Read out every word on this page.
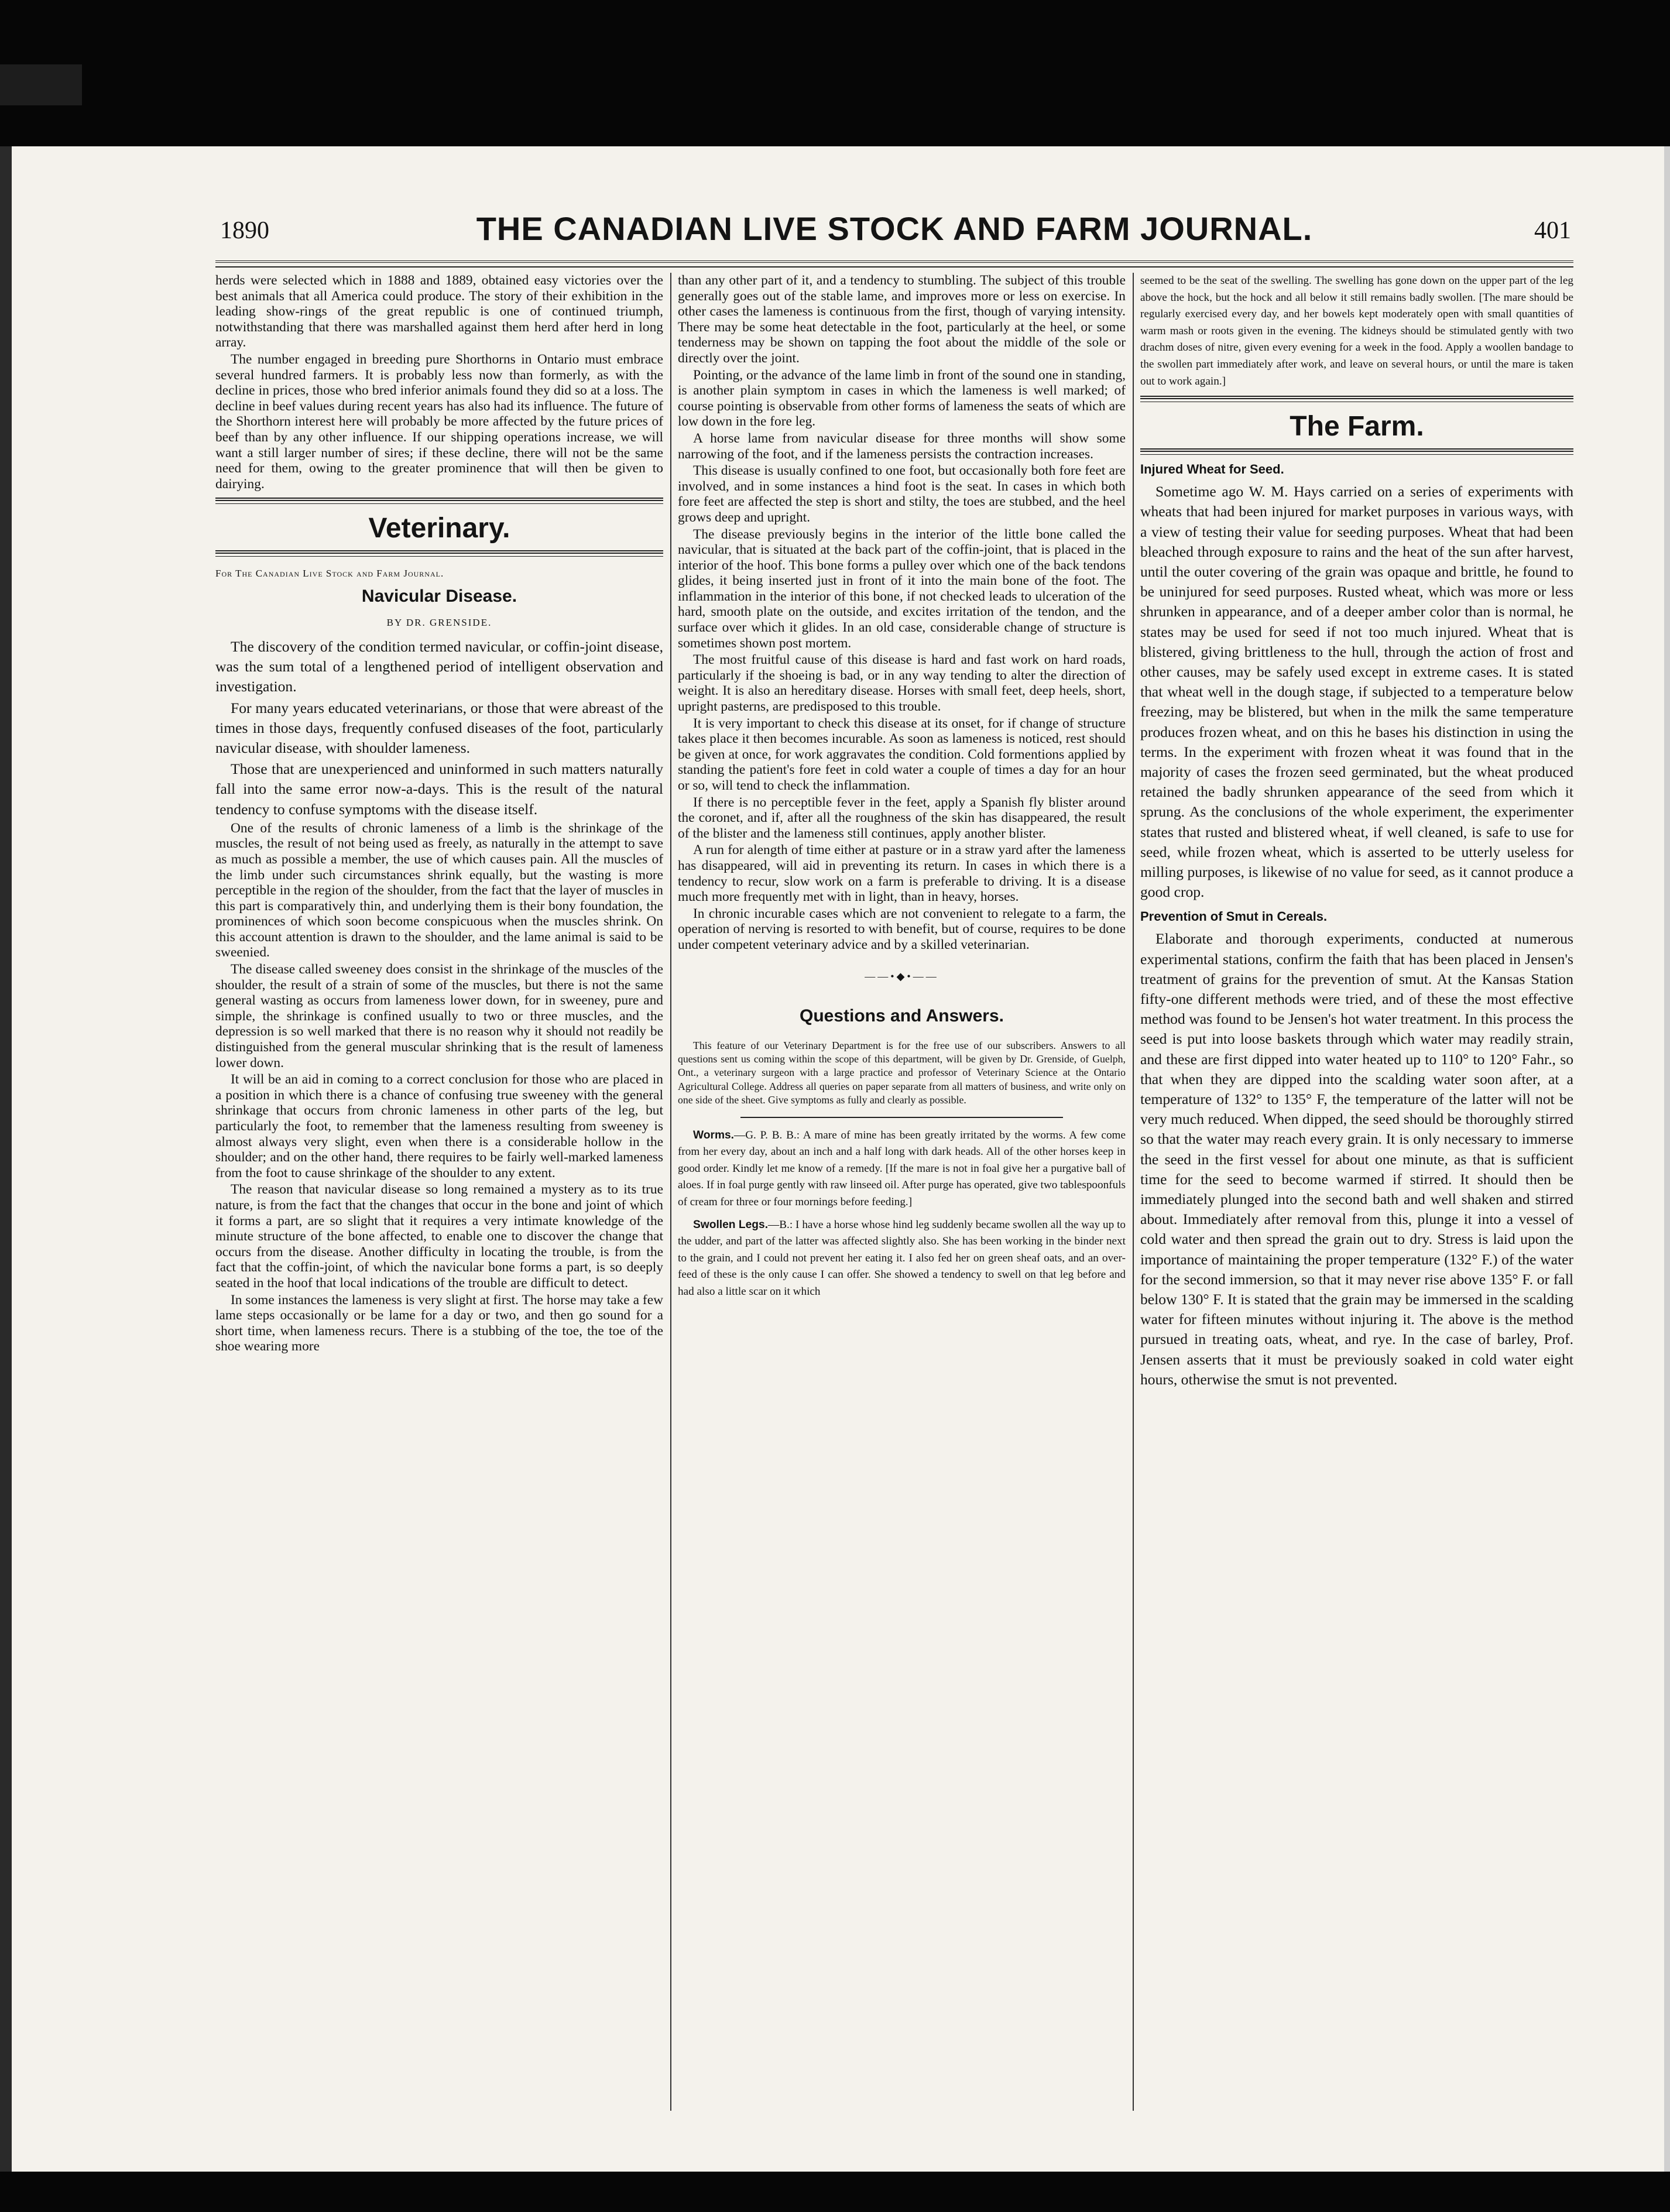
1890	THE CANADIAN LIVE STOCK AND FARM JOURNAL.	401

herds were selected which in 1888 and 1889, obtained easy victories over the best animals that all America could produce. The story of their exhibition in the leading show-rings of the great republic is one of continued triumph, notwithstanding that there was marshalled against them herd after herd in long array.

The number engaged in breeding pure Shorthorns in Ontario must embrace several hundred farmers. It is probably less now than formerly, as with the decline in prices, those who bred inferior animals found they did so at a loss. The decline in beef values during recent years has also had its influence. The future of the Shorthorn interest here will probably be more affected by the future prices of beef than by any other influence. If our shipping operations increase, we will want a still larger number of sires; if these decline, there will not be the same need for them, owing to the greater prominence that will then be given to dairying.

Veterinary.

For The Canadian Live Stock and Farm Journal.

Navicular Disease.
BY DR. GRENSIDE.

The discovery of the condition termed navicular, or coffin-joint disease, was the sum total of a lengthened period of intelligent observation and investigation.

For many years educated veterinarians, or those that were abreast of the times in those days, frequently confused diseases of the foot, particularly navicular disease, with shoulder lameness.

Those that are unexperienced and uninformed in such matters naturally fall into the same error now-a-days. This is the result of the natural tendency to confuse symptoms with the disease itself.

One of the results of chronic lameness of a limb is the shrinkage of the muscles, the result of not being used as freely, as naturally in the attempt to save as much as possible a member, the use of which causes pain. All the muscles of the limb under such circumstances shrink equally, but the wasting is more perceptible in the region of the shoulder, from the fact that the layer of muscles in this part is comparatively thin, and underlying them is their bony foundation, the prominences of which soon become conspicuous when the muscles shrink. On this account attention is drawn to the shoulder, and the lame animal is said to be sweenied.

The disease called sweeney does consist in the shrinkage of the muscles of the shoulder, the result of a strain of some of the muscles, but there is not the same general wasting as occurs from lameness lower down, for in sweeney, pure and simple, the shrinkage is confined usually to two or three muscles, and the depression is so well marked that there is no reason why it should not readily be distinguished from the general muscular shrinking that is the result of lameness lower down.

It will be an aid in coming to a correct conclusion for those who are placed in a position in which there is a chance of confusing true sweeney with the general shrinkage that occurs from chronic lameness in other parts of the leg, but particularly the foot, to remember that the lameness resulting from sweeney is almost always very slight, even when there is a considerable hollow in the shoulder; and on the other hand, there requires to be fairly well-marked lameness from the foot to cause shrinkage of the shoulder to any extent.

The reason that navicular disease so long remained a mystery as to its true nature, is from the fact that the changes that occur in the bone and joint of which it forms a part, are so slight that it requires a very intimate knowledge of the minute structure of the bone affected, to enable one to discover the change that occurs from the disease. Another difficulty in locating the trouble, is from the fact that the coffin-joint, of which the navicular bone forms a part, is so deeply seated in the hoof that local indications of the trouble are difficult to detect.

In some instances the lameness is very slight at first. The horse may take a few lame steps occasionally or be lame for a day or two, and then go sound for a short time, when lameness recurs. There is a stubbing of the toe, the toe of the shoe wearing more

than any other part of it, and a tendency to stumbling. The subject of this trouble generally goes out of the stable lame, and improves more or less on exercise. In other cases the lameness is continuous from the first, though of varying intensity. There may be some heat detectable in the foot, particularly at the heel, or some tenderness may be shown on tapping the foot about the middle of the sole or directly over the joint.

Pointing, or the advance of the lame limb in front of the sound one in standing, is another plain symptom in cases in which the lameness is well marked; of course pointing is observable from other forms of lameness the seats of which are low down in the fore leg.

A horse lame from navicular disease for three months will show some narrowing of the foot, and if the lameness persists the contraction increases.

This disease is usually confined to one foot, but occasionally both fore feet are involved, and in some instances a hind foot is the seat. In cases in which both fore feet are affected the step is short and stilty, the toes are stubbed, and the heel grows deep and upright.

The disease previously begins in the interior of the little bone called the navicular, that is situated at the back part of the coffin-joint, that is placed in the interior of the hoof. This bone forms a pulley over which one of the back tendons glides, it being inserted just in front of it into the main bone of the foot. The inflammation in the interior of this bone, if not checked leads to ulceration of the hard, smooth plate on the outside, and excites irritation of the tendon, and the surface over which it glides. In an old case, considerable change of structure is sometimes shown post mortem.

The most fruitful cause of this disease is hard and fast work on hard roads, particularly if the shoeing is bad, or in any way tending to alter the direction of weight. It is also an hereditary disease. Horses with small feet, deep heels, short, upright pasterns, are predisposed to this trouble.

It is very important to check this disease at its onset, for if change of structure takes place it then becomes incurable. As soon as lameness is noticed, rest should be given at once, for work aggravates the condition. Cold formentions applied by standing the patient's fore feet in cold water a couple of times a day for an hour or so, will tend to check the inflammation.

If there is no perceptible fever in the feet, apply a Spanish fly blister around the coronet, and if, after all the roughness of the skin has disappeared, the result of the blister and the lameness still continues, apply another blister.

A run for alength of time either at pasture or in a straw yard after the lameness has disappeared, will aid in preventing its return. In cases in which there is a tendency to recur, slow work on a farm is preferable to driving. It is a disease much more frequently met with in light, than in heavy, horses.

In chronic incurable cases which are not convenient to relegate to a farm, the operation of nerving is resorted to with benefit, but of course, requires to be done under competent veterinary advice and by a skilled veterinarian.

——•◆•——
Questions and Answers.

This feature of our Veterinary Department is for the free use of our subscribers. Answers to all questions sent us coming within the scope of this department, will be given by Dr. Grenside, of Guelph, Ont., a veterinary surgeon with a large practice and professor of Veterinary Science at the Ontario Agricultural College. Address all queries on paper separate from all matters of business, and write only on one side of the sheet. Give symptoms as fully and clearly as possible.

Worms.—G. P. B. B.: A mare of mine has been greatly irritated by the worms. A few come from her every day, about an inch and a half long with dark heads. All of the other horses keep in good order. Kindly let me know of a remedy. [If the mare is not in foal give her a purgative ball of aloes. If in foal purge gently with raw linseed oil. After purge has operated, give two tablespoonfuls of cream for three or four mornings before feeding.]

Swollen Legs.—B.: I have a horse whose hind leg suddenly became swollen all the way up to the udder, and part of the latter was affected slightly also. She has been working in the binder next to the grain, and I could not prevent her eating it. I also fed her on green sheaf oats, and an over-feed of these is the only cause I can offer. She showed a tendency to swell on that leg before and had also a little scar on it which

seemed to be the seat of the swelling. The swelling has gone down on the upper part of the leg above the hock, but the hock and all below it still remains badly swollen. [The mare should be regularly exercised every day, and her bowels kept moderately open with small quantities of warm mash or roots given in the evening. The kidneys should be stimulated gently with two drachm doses of nitre, given every evening for a week in the food. Apply a woollen bandage to the swollen part immediately after work, and leave on several hours, or until the mare is taken out to work again.]

The Farm.
Injured Wheat for Seed.

Sometime ago W. M. Hays carried on a series of experiments with wheats that had been injured for market purposes in various ways, with a view of testing their value for seeding purposes. Wheat that had been bleached through exposure to rains and the heat of the sun after harvest, until the outer covering of the grain was opaque and brittle, he found to be uninjured for seed purposes. Rusted wheat, which was more or less shrunken in appearance, and of a deeper amber color than is normal, he states may be used for seed if not too much injured. Wheat that is blistered, giving brittleness to the hull, through the action of frost and other causes, may be safely used except in extreme cases. It is stated that wheat well in the dough stage, if subjected to a temperature below freezing, may be blistered, but when in the milk the same temperature produces frozen wheat, and on this he bases his distinction in using the terms. In the experiment with frozen wheat it was found that in the majority of cases the frozen seed germinated, but the wheat produced retained the badly shrunken appearance of the seed from which it sprung. As the conclusions of the whole experiment, the experimenter states that rusted and blistered wheat, if well cleaned, is safe to use for seed, while frozen wheat, which is asserted to be utterly useless for milling purposes, is likewise of no value for seed, as it cannot produce a good crop.

Prevention of Smut in Cereals.

Elaborate and thorough experiments, conducted at numerous experimental stations, confirm the faith that has been placed in Jensen's treatment of grains for the prevention of smut. At the Kansas Station fifty-one different methods were tried, and of these the most effective method was found to be Jensen's hot water treatment. In this process the seed is put into loose baskets through which water may readily strain, and these are first dipped into water heated up to 110° to 120° Fahr., so that when they are dipped into the scalding water soon after, at a temperature of 132° to 135° F, the temperature of the latter will not be very much reduced. When dipped, the seed should be thoroughly stirred so that the water may reach every grain. It is only necessary to immerse the seed in the first vessel for about one minute, as that is sufficient time for the seed to become warmed if stirred. It should then be immediately plunged into the second bath and well shaken and stirred about. Immediately after removal from this, plunge it into a vessel of cold water and then spread the grain out to dry. Stress is laid upon the importance of maintaining the proper temperature (132° F.) of the water for the second immersion, so that it may never rise above 135° F. or fall below 130° F. It is stated that the grain may be immersed in the scalding water for fifteen minutes without injuring it. The above is the method pursued in treating oats, wheat, and rye. In the case of barley, Prof. Jensen asserts that it must be previously soaked in cold water eight hours, otherwise the smut is not prevented.
